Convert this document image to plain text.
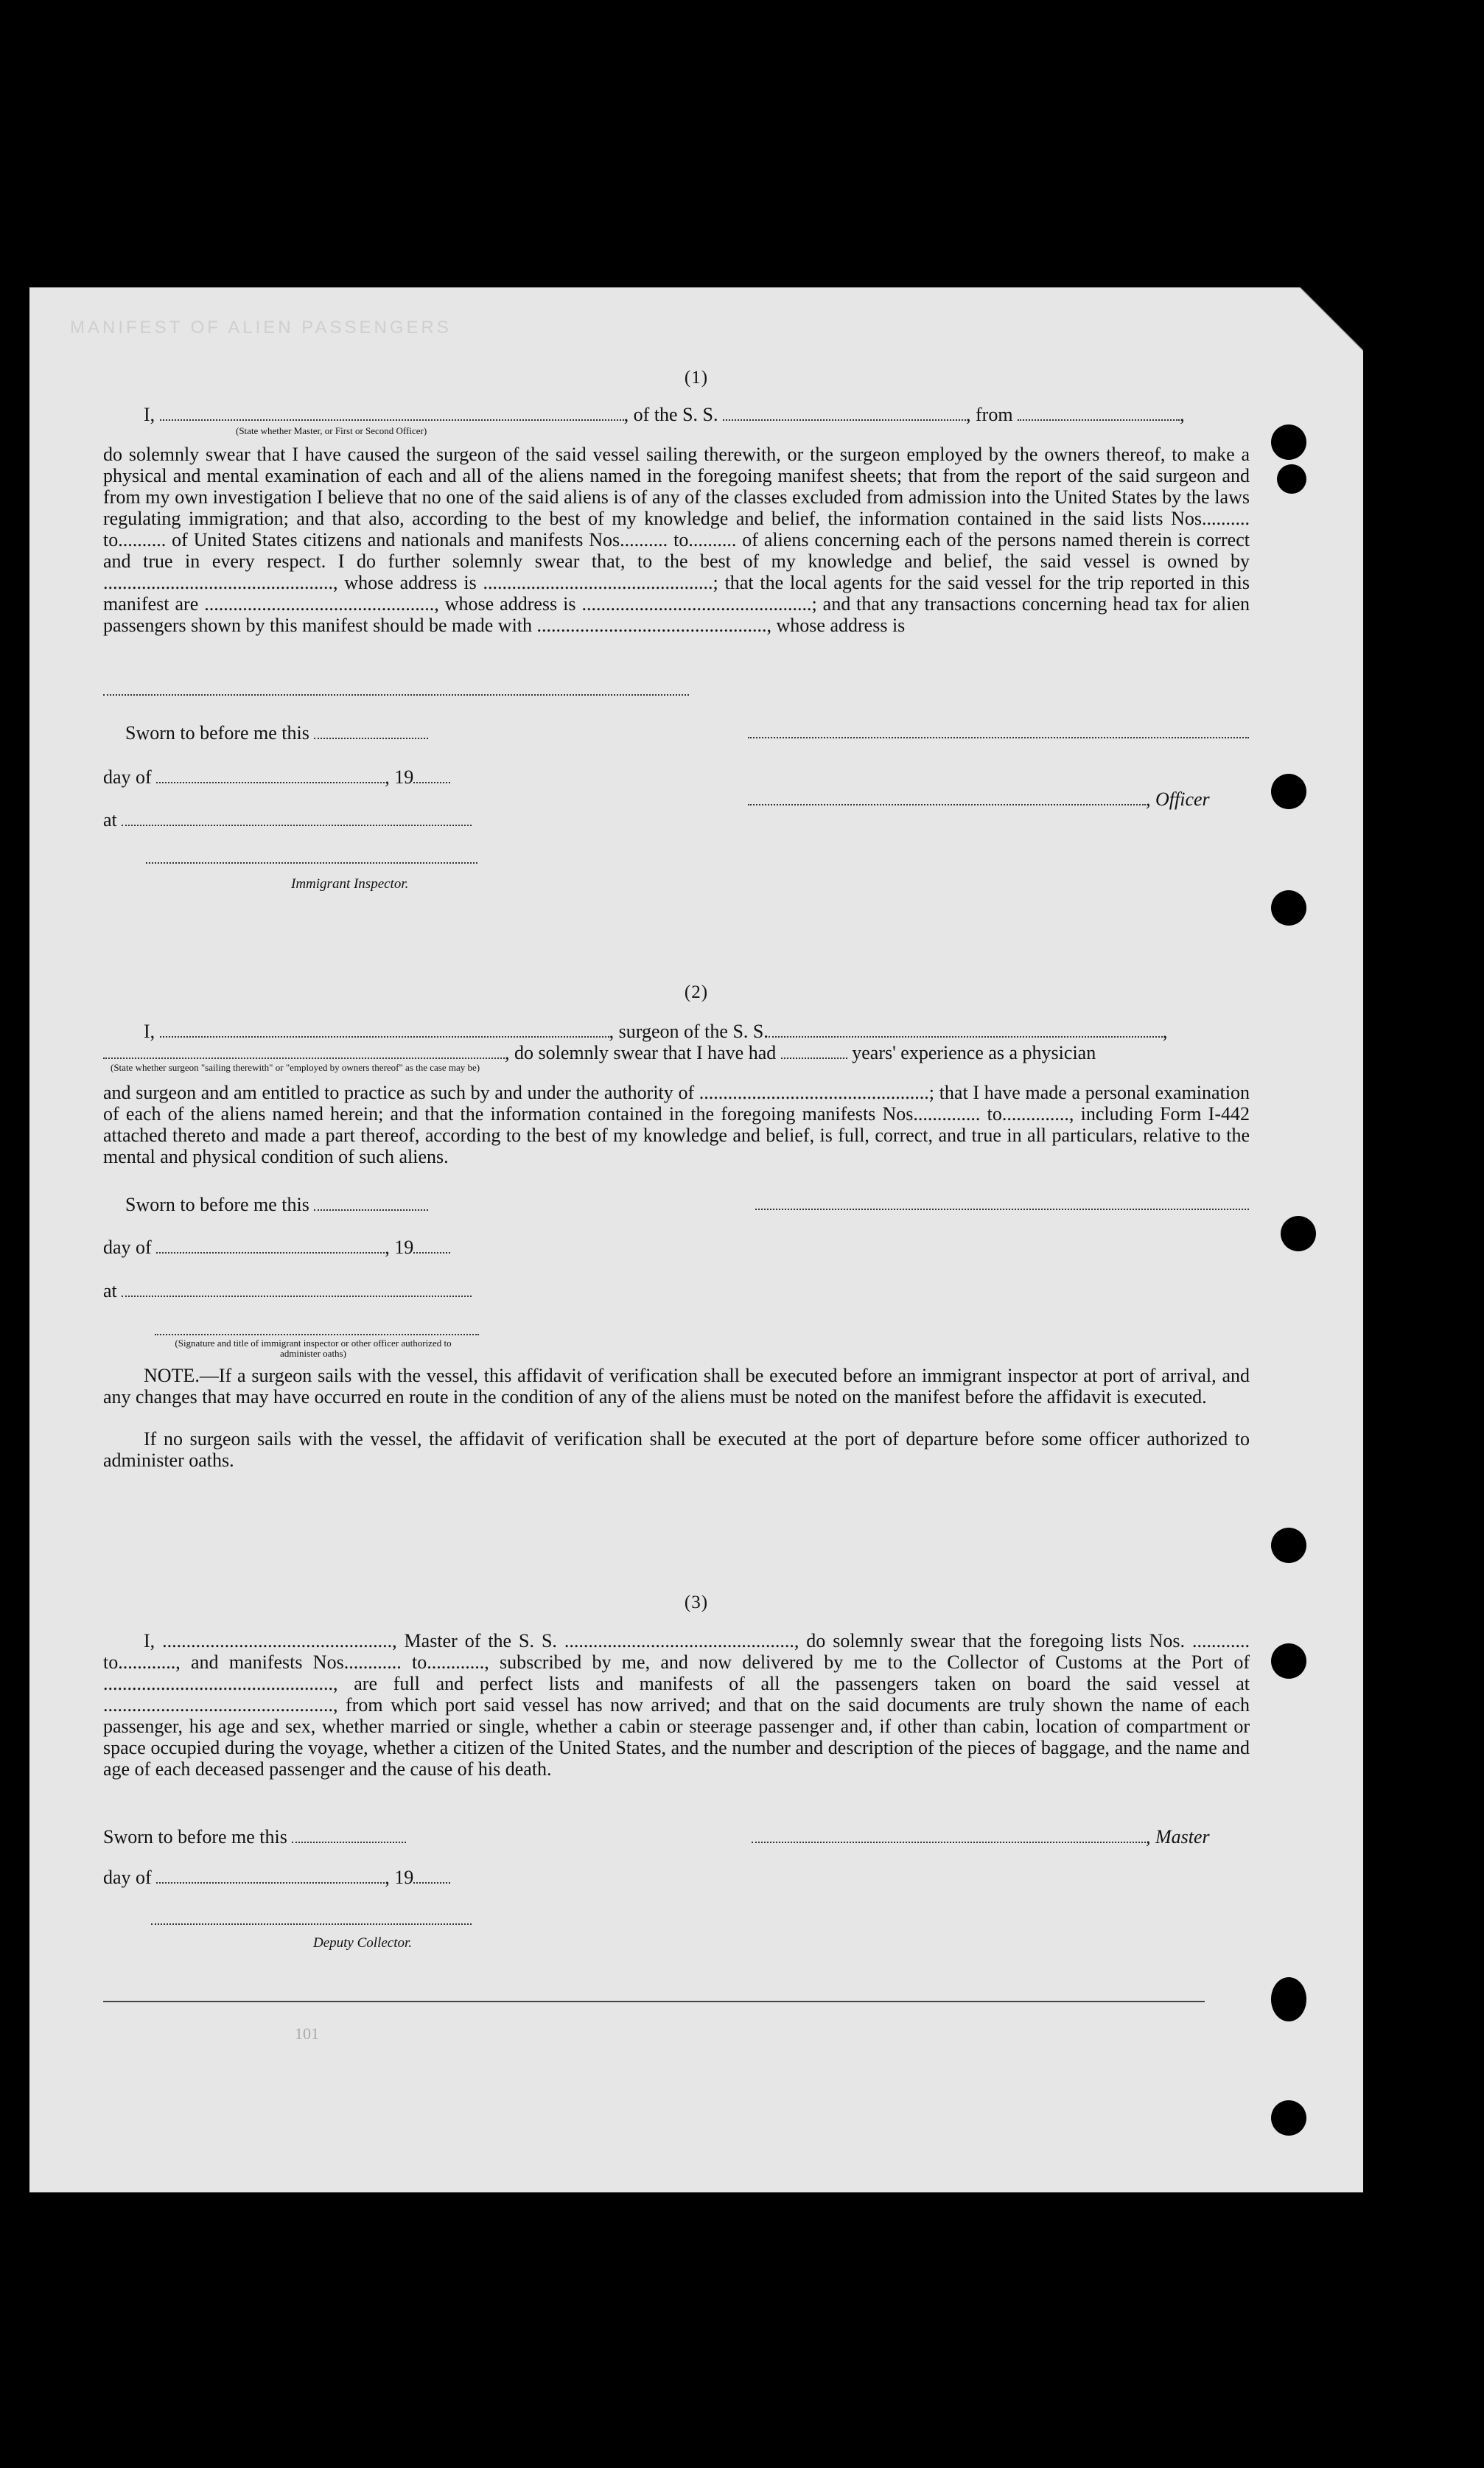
MANIFEST OF ALIEN PASSENGERS
(1)
I,	, of the S. S.	, from	,
(State whether Master, or First or Second Officer)
do solemnly swear that I have caused the surgeon of the said vessel sailing therewith, or the surgeon employed by the owners thereof, to make a physical and mental examination of each and all of the aliens named in the foregoing manifest sheets; that from the report of the said surgeon and from my own investigation I believe that no one of the said aliens is of any of the classes excluded from admission into the United States by the laws regulating immigration; and that also, according to the best of my knowledge and belief, the information contained in the said lists Nos.......... to.......... of United States citizens and nationals and manifests Nos.......... to.......... of aliens concerning each of the persons named therein is correct and true in every respect. I do further solemnly swear that, to the best of my knowledge and belief, the said vessel is owned by ................................................, whose address is ................................................; that the local agents for the said vessel for the trip reported in this manifest are ................................................, whose address is ................................................; and that any transactions concerning head tax for alien passengers shown by this manifest should be made with ................................................, whose address is
Sworn to before me this
day of	, 19
, Officer
at
Immigrant Inspector.
(2)
I,	, surgeon of the S. S.	,
, do solemnly swear that I have had	years' experience as a physician
(State whether surgeon "sailing therewith" or "employed by owners thereof" as the case may be)
and surgeon and am entitled to practice as such by and under the authority of ................................................; that I have made a personal examination of each of the aliens named herein; and that the information contained in the foregoing manifests Nos.............. to.............., including Form I-442 attached thereto and made a part thereof, according to the best of my knowledge and belief, is full, correct, and true in all particulars, relative to the mental and physical condition of such aliens.
Sworn to before me this
day of	, 19
at
(Signature and title of immigrant inspector or other officer authorized to administer oaths)
NOTE.—If a surgeon sails with the vessel, this affidavit of verification shall be executed before an immigrant inspector at port of arrival, and any changes that may have occurred en route in the condition of any of the aliens must be noted on the manifest before the affidavit is executed.
If no surgeon sails with the vessel, the affidavit of verification shall be executed at the port of departure before some officer authorized to administer oaths.
(3)
I, ................................................, Master of the S. S. ................................................, do solemnly swear that the foregoing lists Nos. ............ to............, and manifests Nos............ to............, subscribed by me, and now delivered by me to the Collector of Customs at the Port of ................................................, are full and perfect lists and manifests of all the passengers taken on board the said vessel at ................................................, from which port said vessel has now arrived; and that on the said documents are truly shown the name of each passenger, his age and sex, whether married or single, whether a cabin or steerage passenger and, if other than cabin, location of compartment or space occupied during the voyage, whether a citizen of the United States, and the number and description of the pieces of baggage, and the name and age of each deceased passenger and the cause of his death.
Sworn to before me this	, Master
day of	, 19
Deputy Collector.
101
